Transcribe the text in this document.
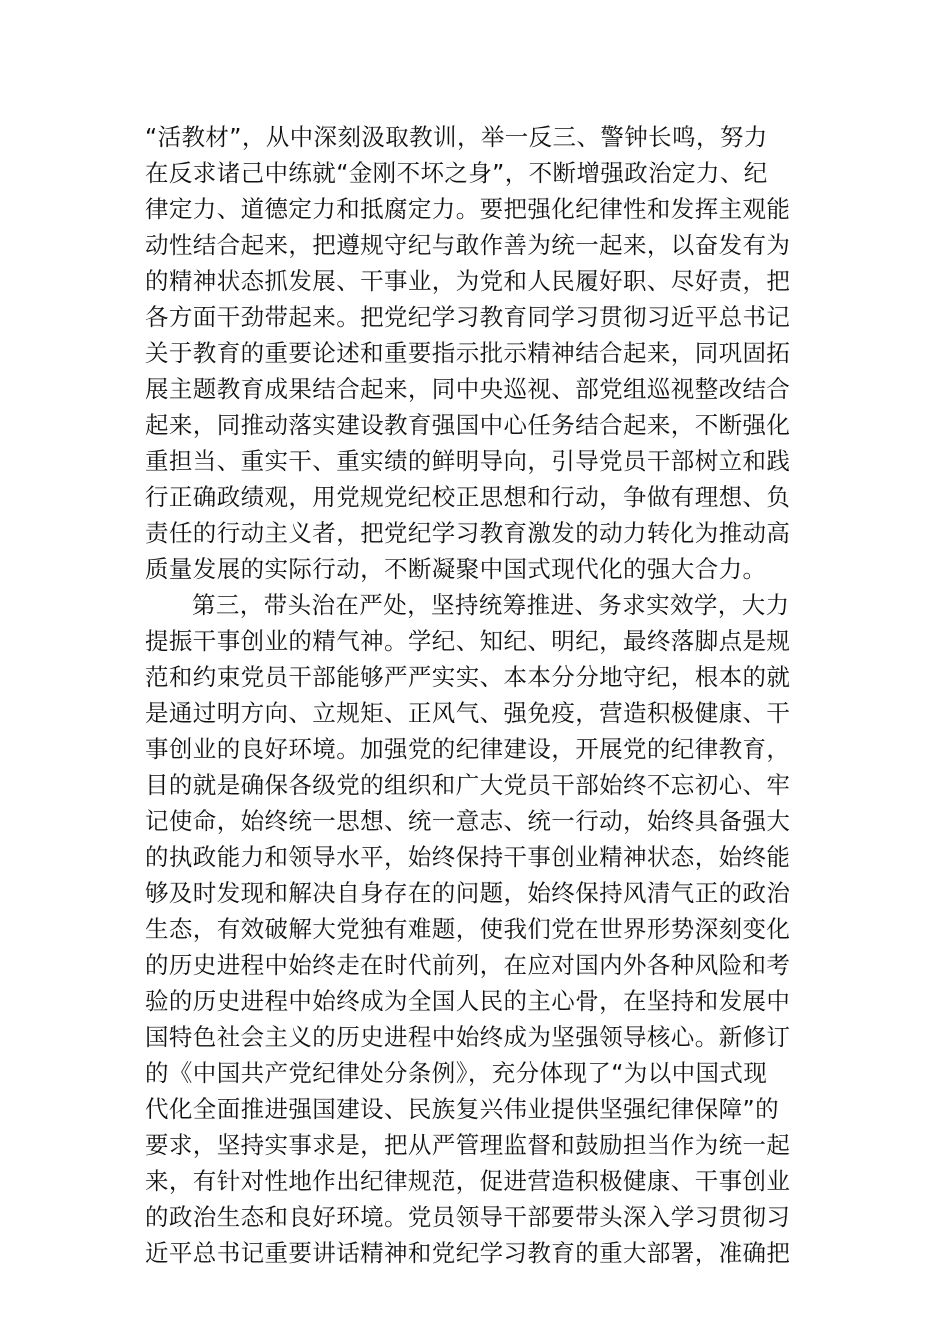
“活教材”，从中深刻汲取教训，举一反三、警钟长鸣，努力
在反求诸己中练就“金刚不坏之身”，不断增强政治定力、纪
律定力、道德定力和抵腐定力。要把强化纪律性和发挥主观能
动性结合起来，把遵规守纪与敢作善为统一起来，以奋发有为
的精神状态抓发展、干事业，为党和人民履好职、尽好责，把
各方面干劲带起来。把党纪学习教育同学习贯彻习近平总书记
关于教育的重要论述和重要指示批示精神结合起来，同巩固拓
展主题教育成果结合起来，同中央巡视、部党组巡视整改结合
起来，同推动落实建设教育强国中心任务结合起来，不断强化
重担当、重实干、重实绩的鲜明导向，引导党员干部树立和践
行正确政绩观，用党规党纪校正思想和行动，争做有理想、负
责任的行动主义者，把党纪学习教育激发的动力转化为推动高
质量发展的实际行动，不断凝聚中国式现代化的强大合力。
第三，带头治在严处，坚持统筹推进、务求实效学，大力
提振干事创业的精气神。学纪、知纪、明纪，最终落脚点是规
范和约束党员干部能够严严实实、本本分分地守纪，根本的就
是通过明方向、立规矩、正风气、强免疫，营造积极健康、干
事创业的良好环境。加强党的纪律建设，开展党的纪律教育，
目的就是确保各级党的组织和广大党员干部始终不忘初心、牢
记使命，始终统一思想、统一意志、统一行动，始终具备强大
的执政能力和领导水平，始终保持干事创业精神状态，始终能
够及时发现和解决自身存在的问题，始终保持风清气正的政治
生态，有效破解大党独有难题，使我们党在世界形势深刻变化
的历史进程中始终走在时代前列，在应对国内外各种风险和考
验的历史进程中始终成为全国人民的主心骨，在坚持和发展中
国特色社会主义的历史进程中始终成为坚强领导核心。新修订
的《中国共产党纪律处分条例》，充分体现了“为以中国式现
代化全面推进强国建设、民族复兴伟业提供坚强纪律保障”的
要求，坚持实事求是，把从严管理监督和鼓励担当作为统一起
来，有针对性地作出纪律规范，促进营造积极健康、干事创业
的政治生态和良好环境。党员领导干部要带头深入学习贯彻习
近平总书记重要讲话精神和党纪学习教育的重大部署，准确把
